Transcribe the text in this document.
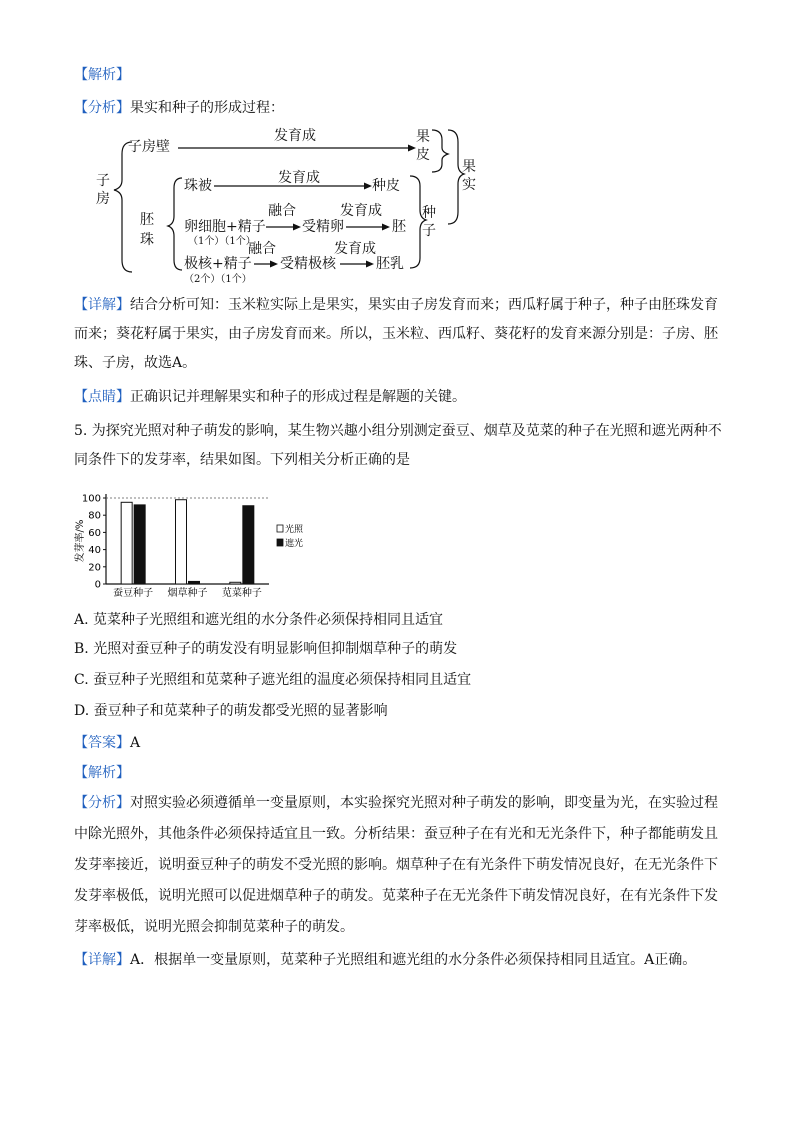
【解析】

【分析】果实和种子的形成过程：

子房
子房壁
发育成	果皮
果实
珠被	发育成	种皮
胚珠
种子
融合
卵细胞+精子
（1个）（1个）
受精卵
发育成
胚
融合
极核+精子
（2个）（1个）
受精极核
发育成
胚乳

【详解】结合分析可知：玉米粒实际上是果实，果实由子房发育而来；西瓜籽属于种子，种子由胚珠发育而来；葵花籽属于果实，由子房发育而来。所以，玉米粒、西瓜籽、葵花籽的发育来源分别是：子房、胚珠、子房，故选A。

【点睛】正确识记并理解果实和种子的形成过程是解题的关键。

5. 为探究光照对种子萌发的影响，某生物兴趣小组分别测定蚕豆、烟草及苋菜的种子在光照和遮光两种不同条件下的发芽率，结果如图。下列相关分析正确的是

发芽率/%
0
20
40
60
80
100
蚕豆种子 烟草种子 苋菜种子
光照
遮光

A. 苋菜种子光照组和遮光组的水分条件必须保持相同且适宜

B. 光照对蚕豆种子的萌发没有明显影响但抑制烟草种子的萌发

C. 蚕豆种子光照组和苋菜种子遮光组的温度必须保持相同且适宜

D. 蚕豆种子和苋菜种子的萌发都受光照的显著影响

【答案】A

【解析】

【分析】对照实验必须遵循单一变量原则，本实验探究光照对种子萌发的影响，即变量为光，在实验过程中除光照外，其他条件必须保持适宜且一致。分析结果：蚕豆种子在有光和无光条件下，种子都能萌发且发芽率接近，说明蚕豆种子的萌发不受光照的影响。烟草种子在有光条件下萌发情况良好，在无光条件下发芽率极低，说明光照可以促进烟草种子的萌发。苋菜种子在无光条件下萌发情况良好，在有光条件下发芽率极低，说明光照会抑制苋菜种子的萌发。

【详解】A．根据单一变量原则，苋菜种子光照组和遮光组的水分条件必须保持相同且适宜。A正确。
